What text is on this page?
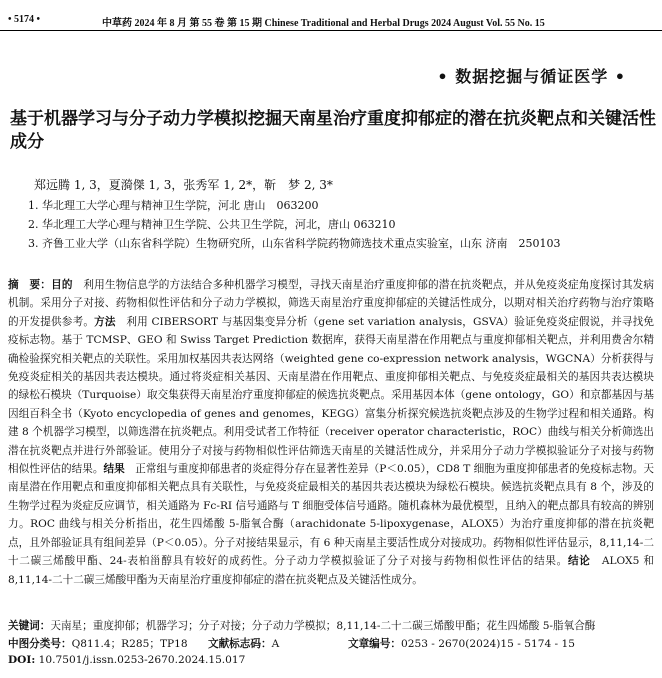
• 5174 •	中草药 2024 年 8 月 第 55 卷 第 15 期 Chinese Traditional and Herbal Drugs 2024 August Vol. 55 No. 15
• 数据挖掘与循证医学 •
基于机器学习与分子动力学模拟挖掘天南星治疗重度抑郁症的潜在抗炎靶点和关键活性成分
郑远腾 1, 3，夏漪傑 1, 3，张秀军 1, 2*，靳　梦 2, 3*
1. 华北理工大学心理与精神卫生学院，河北 唐山　063200
2. 华北理工大学心理与精神卫生学院、公共卫生学院，河北，唐山 063210
3. 齐鲁工业大学（山东省科学院）生物研究所，山东省科学院药物筛选技术重点实验室，山东 济南　250103
摘　要：目的　 利用生物信息学的方法结合多种机器学习模型，寻找天南星治疗重度抑郁的潜在抗炎靶点，并从免疫炎症角度探讨其发病机制。采用分子对接、药物相似性评估和分子动力学模拟，筛选天南星治疗重度抑郁症的关键活性成分，以期对相关治疗药物与治疗策略的开发提供参考。方法　 利用 CIBERSORT 与基因集变异分析（gene set variation analysis，GSVA）验证免疫炎症假说，并寻找免疫标志物。基于 TCMSP、GEO 和 Swiss Target Prediction 数据库，获得天南星潜在作用靶点与重度抑郁相关靶点，并利用费舍尔精确检验探究相关靶点的关联性。采用加权基因共表达网络（weighted gene co-expression network analysis，WGCNA）分析获得与免疫炎症相关的基因共表达模块。通过将炎症相关基因、天南星潜在作用靶点、重度抑郁相关靶点、与免疫炎症最相关的基因共表达模块的绿松石模块（Turquoise）取交集获得天南星治疗重度抑郁症的候选抗炎靶点。采用基因本体（gene ontology，GO）和京都基因与基因组百科全书（Kyoto encyclopedia of genes and genomes，KEGG）富集分析探究候选抗炎靶点涉及的生物学过程和相关通路。构建 8 个机器学习模型，以筛选潜在抗炎靶点。利用受试者工作特征（receiver operator characteristic，ROC）曲线与相关分析筛选出潜在抗炎靶点并进行外部验证。使用分子对接与药物相似性评估筛选天南星的关键活性成分，并采用分子动力学模拟验证分子对接与药物相似性评估的结果。结果　 正常组与重度抑郁患者的炎症得分存在显著性差异（P＜0.05），CD8 T 细胞为重度抑郁患者的免疫标志物。天南星潜在作用靶点和重度抑郁相关靶点具有关联性，与免疫炎症最相关的基因共表达模块为绿松石模块。候选抗炎靶点具有 8 个，涉及的生物学过程为炎症反应调节，相关通路为 Fc-RI 信号通路与 T 细胞受体信号通路。随机森林为最优模型，且纳入的靶点都具有较高的辨别力。ROC 曲线与相关分析指出，花生四烯酸 5-脂氧合酶（arachidonate 5-lipoxygenase，ALOX5）为治疗重度抑郁的潜在抗炎靶点，且外部验证具有组间差异（P＜0.05）。分子对接结果显示，有 6 种天南星主要活性成分对接成功。药物相似性评估显示，8,11,14-二十二碳三烯酸甲酯、24-表柏甾醇具有较好的成药性。分子动力学模拟验证了分子对接与药物相似性评估的结果。结论　 ALOX5 和 8,11,14-二十二碳三烯酸甲酯为天南星治疗重度抑郁症的潜在抗炎靶点及关键活性成分。
关键词：天南星；重度抑郁；机器学习；分子对接；分子动力学模拟；8,11,14-二十二碳三烯酸甲酯；花生四烯酸 5-脂氧合酶
中图分类号：Q811.4；R285；TP18 文献标志码：A	文章编号：0253 - 2670(2024)15 - 5174 - 15
DOI: 10.7501/j.issn.0253-2670.2024.15.017
